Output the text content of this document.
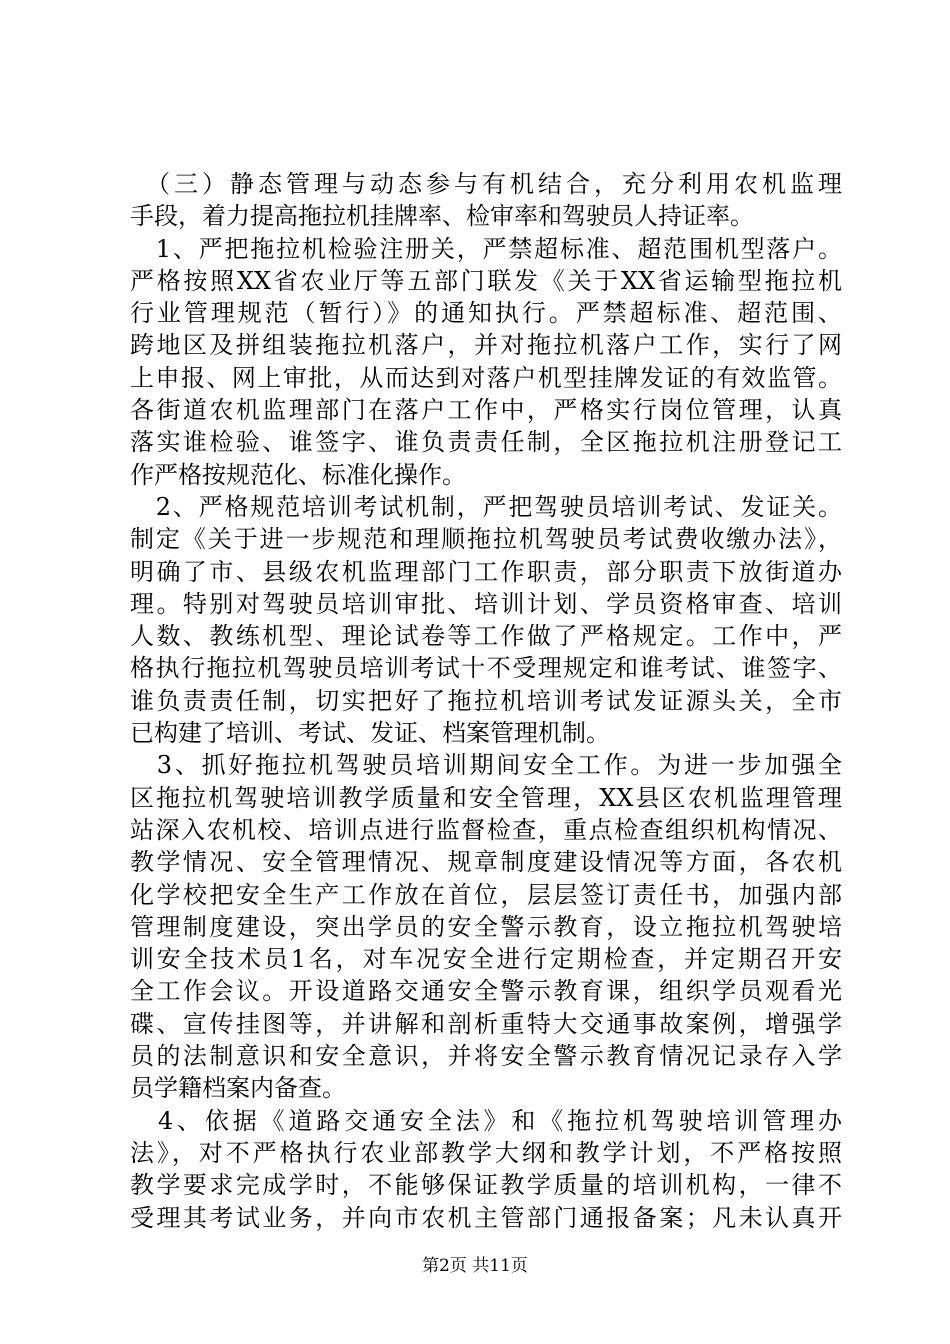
　（三）静态管理与动态参与有机结合，充分利用农机监理
手段，着力提高拖拉机挂牌率、检审率和驾驶员人持证率。
　1、严把拖拉机检验注册关，严禁超标准、超范围机型落户。
严格按照XX省农业厅等五部门联发《关于XX省运输型拖拉机
行业管理规范（暂行）》的通知执行。严禁超标准、超范围、
跨地区及拼组装拖拉机落户，并对拖拉机落户工作，实行了网
上申报、网上审批，从而达到对落户机型挂牌发证的有效监管。
各街道农机监理部门在落户工作中，严格实行岗位管理，认真
落实谁检验、谁签字、谁负责责任制，全区拖拉机注册登记工
作严格按规范化、标准化操作。
　2、严格规范培训考试机制，严把驾驶员培训考试、发证关。
制定《关于进一步规范和理顺拖拉机驾驶员考试费收缴办法》，
明确了市、县级农机监理部门工作职责，部分职责下放街道办
理。特别对驾驶员培训审批、培训计划、学员资格审查、培训
人数、教练机型、理论试卷等工作做了严格规定。工作中，严
格执行拖拉机驾驶员培训考试十不受理规定和谁考试、谁签字、
谁负责责任制，切实把好了拖拉机培训考试发证源头关，全市
已构建了培训、考试、发证、档案管理机制。
　3、抓好拖拉机驾驶员培训期间安全工作。为进一步加强全
区拖拉机驾驶培训教学质量和安全管理，XX县区农机监理管理
站深入农机校、培训点进行监督检查，重点检查组织机构情况、
教学情况、安全管理情况、规章制度建设情况等方面，各农机
化学校把安全生产工作放在首位，层层签订责任书，加强内部
管理制度建设，突出学员的安全警示教育，设立拖拉机驾驶培
训安全技术员1名，对车况安全进行定期检查，并定期召开安
全工作会议。开设道路交通安全警示教育课，组织学员观看光
碟、宣传挂图等，并讲解和剖析重特大交通事故案例，增强学
员的法制意识和安全意识，并将安全警示教育情况记录存入学
员学籍档案内备查。
　4、依据《道路交通安全法》和《拖拉机驾驶培训管理办
法》，对不严格执行农业部教学大纲和教学计划，不严格按照
教学要求完成学时，不能够保证教学质量的培训机构，一律不
受理其考试业务，并向市农机主管部门通报备案；凡未认真开
第2页 共11页
